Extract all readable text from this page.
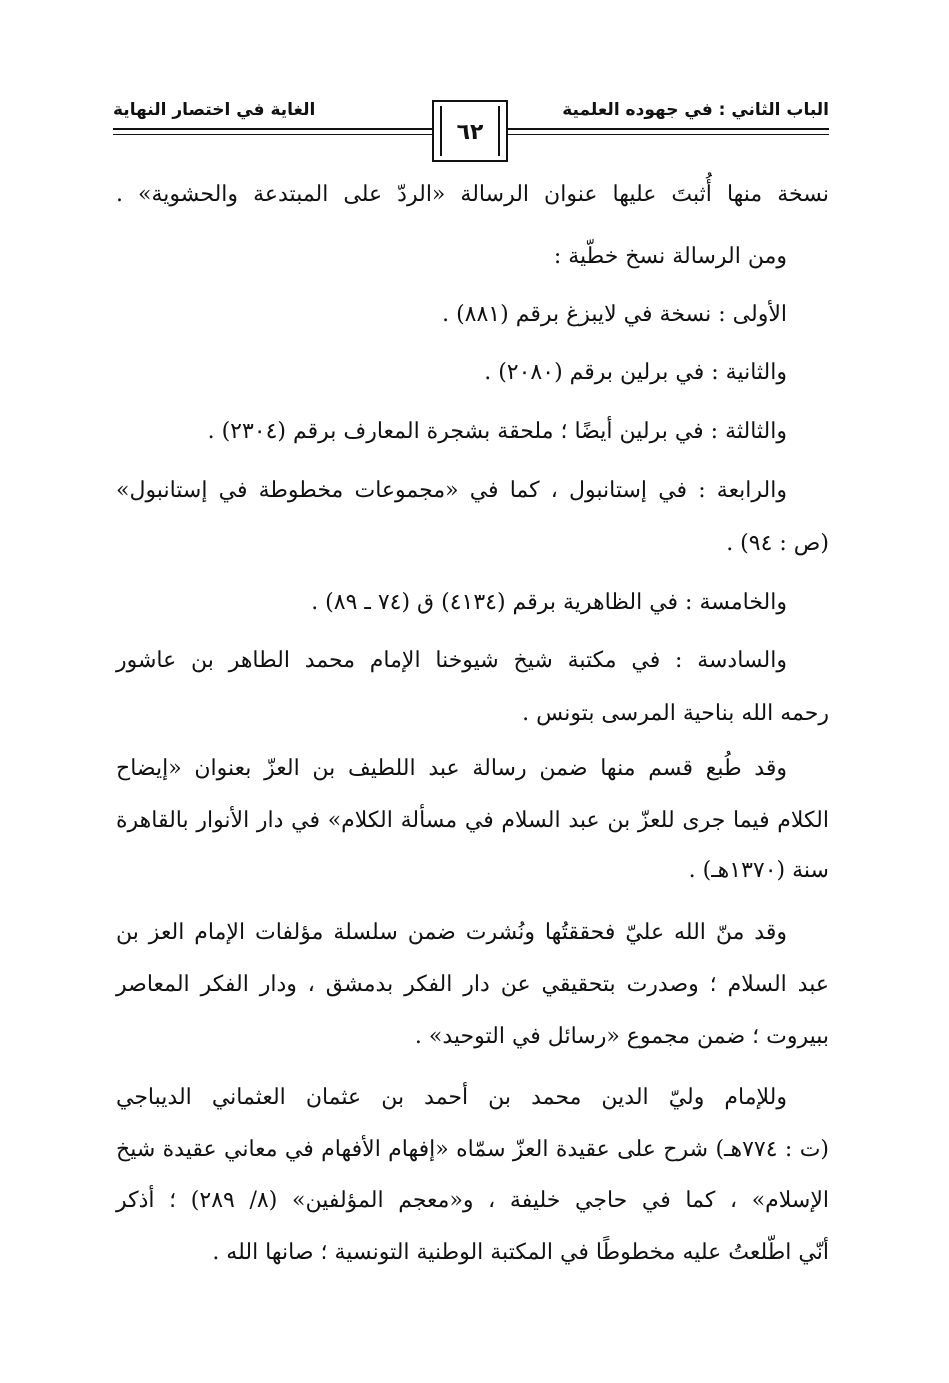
الباب الثاني : في جهوده العلمية
الغاية في اختصار النهاية
٦٢
نسخة منها أُثبتَ عليها عنوان الرسالة «الردّ على المبتدعة والحشوية» .
ومن الرسالة نسخ خطّية :
الأولى : نسخة في لايبزغ برقم (٨٨١) .
والثانية : في برلين برقم (٢٠٨٠) .
والثالثة : في برلين أيضًا ؛ ملحقة بشجرة المعارف برقم (٢٣٠٤) .
والرابعة : في إستانبول ، كما في «مجموعات مخطوطة في إستانبول»
(ص : ٩٤) .
والخامسة : في الظاهرية برقم (٤١٣٤) ق (٧٤ ـ ٨٩) .
والسادسة : في مكتبة شيخ شيوخنا الإمام محمد الطاهر بن عاشور
رحمه الله بناحية المرسى بتونس .
وقد طُبع قسم منها ضمن رسالة عبد اللطيف بن العزّ بعنوان «إيضاح
الكلام فيما جرى للعزّ بن عبد السلام في مسألة الكلام» في دار الأنوار بالقاهرة
سنة (١٣٧٠هـ) .
وقد منّ الله عليّ فحققتُها ونُشرت ضمن سلسلة مؤلفات الإمام العز بن
عبد السلام ؛ وصدرت بتحقيقي عن دار الفكر بدمشق ، ودار الفكر المعاصر
ببيروت ؛ ضمن مجموع «رسائل في التوحيد» .
وللإمام وليّ الدين محمد بن أحمد بن عثمان العثماني الديباجي
(ت : ٧٧٤هـ) شرح على عقيدة العزّ سمّاه «إفهام الأفهام في معاني عقيدة شيخ
الإسلام» ، كما في حاجي خليفة ، و«معجم المؤلفين» (٨/ ٢٨٩) ؛ أذكر
أنّي اطّلعتُ عليه مخطوطًا في المكتبة الوطنية التونسية ؛ صانها الله .
